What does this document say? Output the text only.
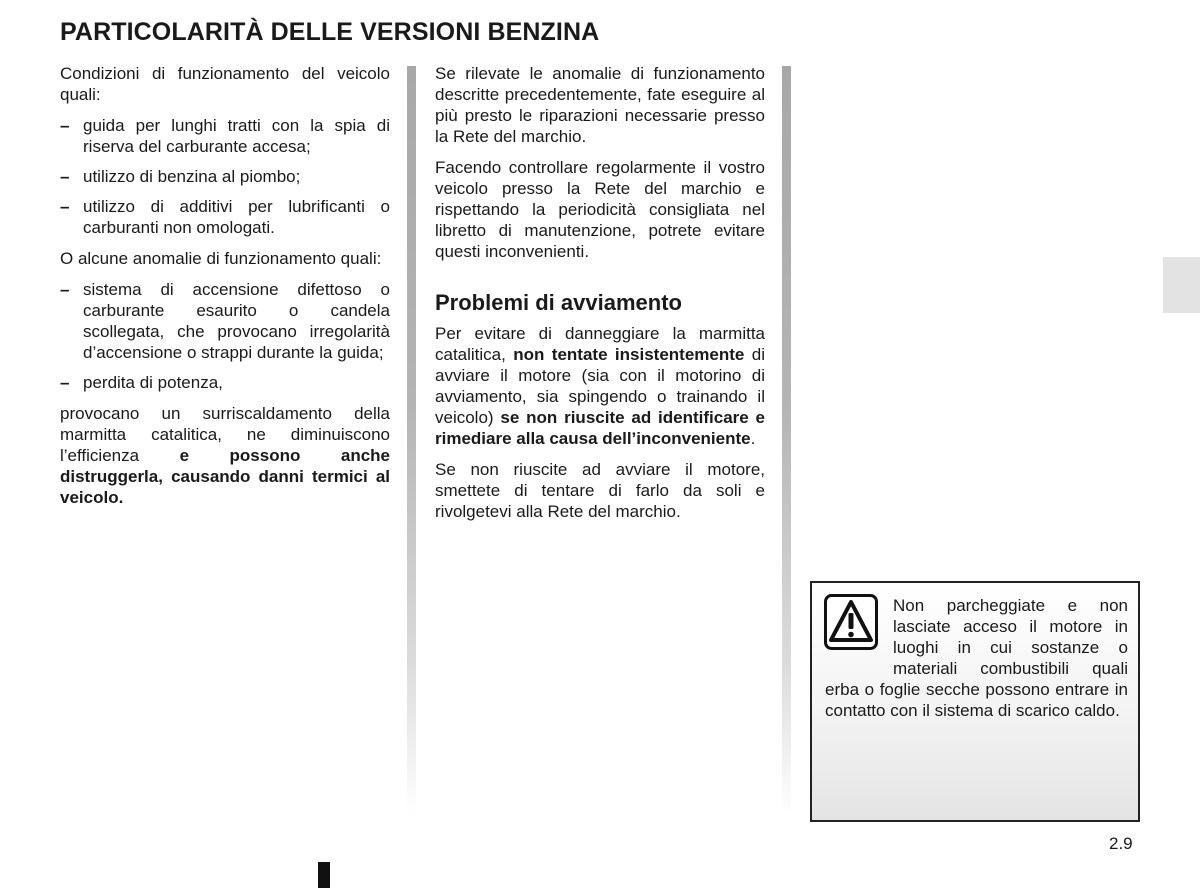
PARTICOLARITÀ DELLE VERSIONI BENZINA

Condizioni di funzionamento del veicolo quali:

– guida per lunghi tratti con la spia di riserva del carburante accesa;
– utilizzo di benzina al piombo;
– utilizzo di additivi per lubrificanti o carburanti non omologati.

O alcune anomalie di funzionamento quali:

– sistema di accensione difettoso o carburante esaurito o candela scollegata, che provocano irregolarità d’accensione o strappi durante la guida;
– perdita di potenza,

provocano un surriscaldamento della marmitta catalitica, ne diminuiscono l’efficienza e possono anche distruggerla, causando danni termici al veicolo.

Se rilevate le anomalie di funzionamento descritte precedentemente, fate eseguire al più presto le riparazioni necessarie presso la Rete del marchio.

Facendo controllare regolarmente il vostro veicolo presso la Rete del marchio e rispettando la periodicità consigliata nel libretto di manutenzione, potrete evitare questi inconvenienti.

Problemi di avviamento

Per evitare di danneggiare la marmitta catalitica, non tentate insistentemente di avviare il motore (sia con il motorino di avviamento, sia spingendo o trainando il veicolo) se non riuscite ad identificare e rimediare alla causa dell’inconveniente.

Se non riuscite ad avviare il motore, smettete di tentare di farlo da soli e rivolgetevi alla Rete del marchio.

Non parcheggiate e non lasciate acceso il motore in luoghi in cui sostanze o materiali combustibili quali erba o foglie secche possono entrare in contatto con il sistema di scarico caldo.

2.9
